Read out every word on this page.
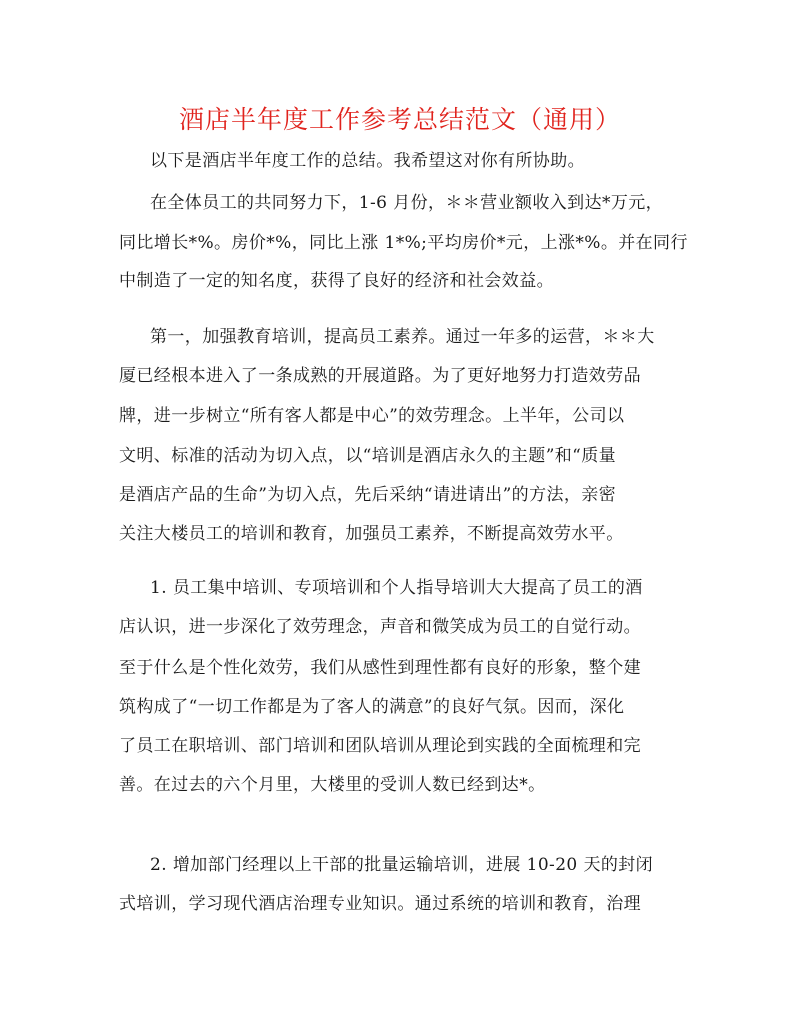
酒店半年度工作参考总结范文（通用）
以下是酒店半年度工作的总结。我希望这对你有所协助。
在全体员工的共同努力下，1-6 月份，＊＊营业额收入到达*万元，
同比增长*%。房价*%，同比上涨 1*%;平均房价*元，上涨*%。并在同行
中制造了一定的知名度，获得了良好的经济和社会效益。
第一，加强教育培训，提高员工素养。通过一年多的运营，＊＊大
厦已经根本进入了一条成熟的开展道路。为了更好地努力打造效劳品
牌，进一步树立“所有客人都是中心”的效劳理念。上半年，公司以
文明、标准的活动为切入点，以“培训是酒店永久的主题”和“质量
是酒店产品的生命”为切入点，先后采纳“请进请出”的方法，亲密
关注大楼员工的培训和教育，加强员工素养，不断提高效劳水平。
1. 员工集中培训、专项培训和个人指导培训大大提高了员工的酒
店认识，进一步深化了效劳理念，声音和微笑成为员工的自觉行动。
至于什么是个性化效劳，我们从感性到理性都有良好的形象，整个建
筑构成了“一切工作都是为了客人的满意”的良好气氛。因而，深化
了员工在职培训、部门培训和团队培训从理论到实践的全面梳理和完
善。在过去的六个月里，大楼里的受训人数已经到达*。
2. 增加部门经理以上干部的批量运输培训，进展 10-20 天的封闭
式培训，学习现代酒店治理专业知识。通过系统的培训和教育，治理
